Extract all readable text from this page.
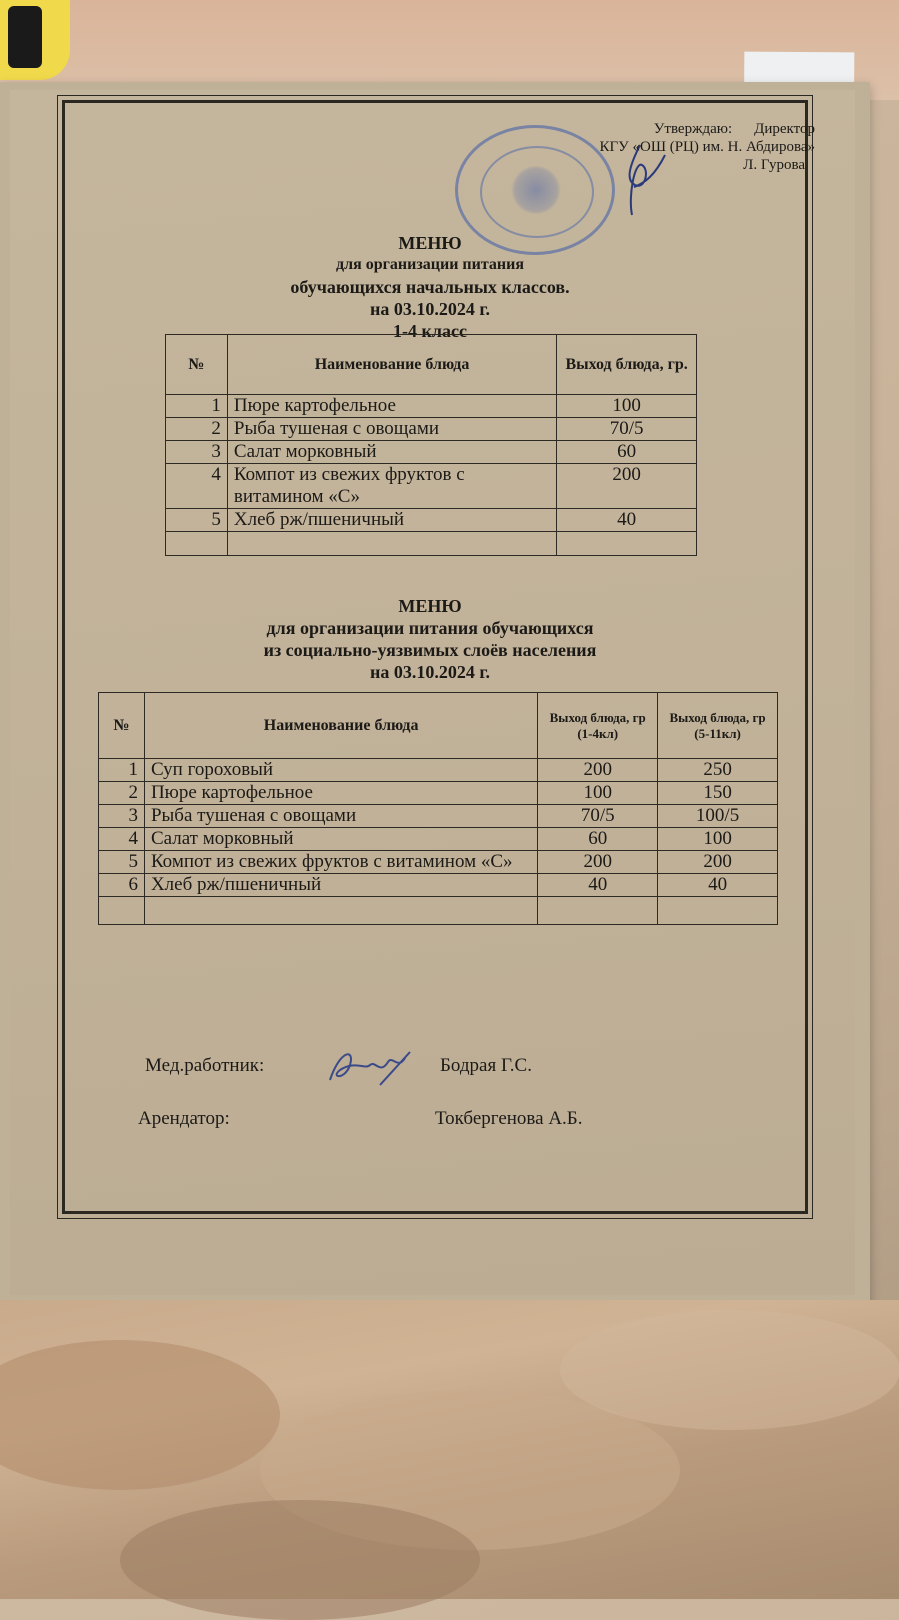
Утверждаю: Директор
КГУ «ОШ (РЦ) им. Н. Абдирова»
Л. Гурова
МЕНЮ
для организации питания
обучающихся начальных классов.
на 03.10.2024 г.
1-4 класс
№	Наименование блюда	Выход блюда, гр.
1	Пюре картофельное	100
2	Рыба тушеная с овощами	70/5
3	Салат морковный	60
4	Компот из свежих фруктов с витамином «С»	200
5	Хлеб рж/пшеничный	40

МЕНЮ
для организации питания обучающихся
из социально-уязвимых слоёв населения
на 03.10.2024 г.
№	Наименование блюда	Выход блюда, гр (1-4кл)	Выход блюда, гр (5-11кл)
1	Суп гороховый	200	250
2	Пюре картофельное	100	150
3	Рыба тушеная с овощами	70/5	100/5
4	Салат морковный	60	100
5	Компот из свежих фруктов с витамином «С»	200	200
6	Хлеб рж/пшеничный	40	40

Мед.работник:	Бодрая Г.С.
Арендатор:	Токбергенова А.Б.
